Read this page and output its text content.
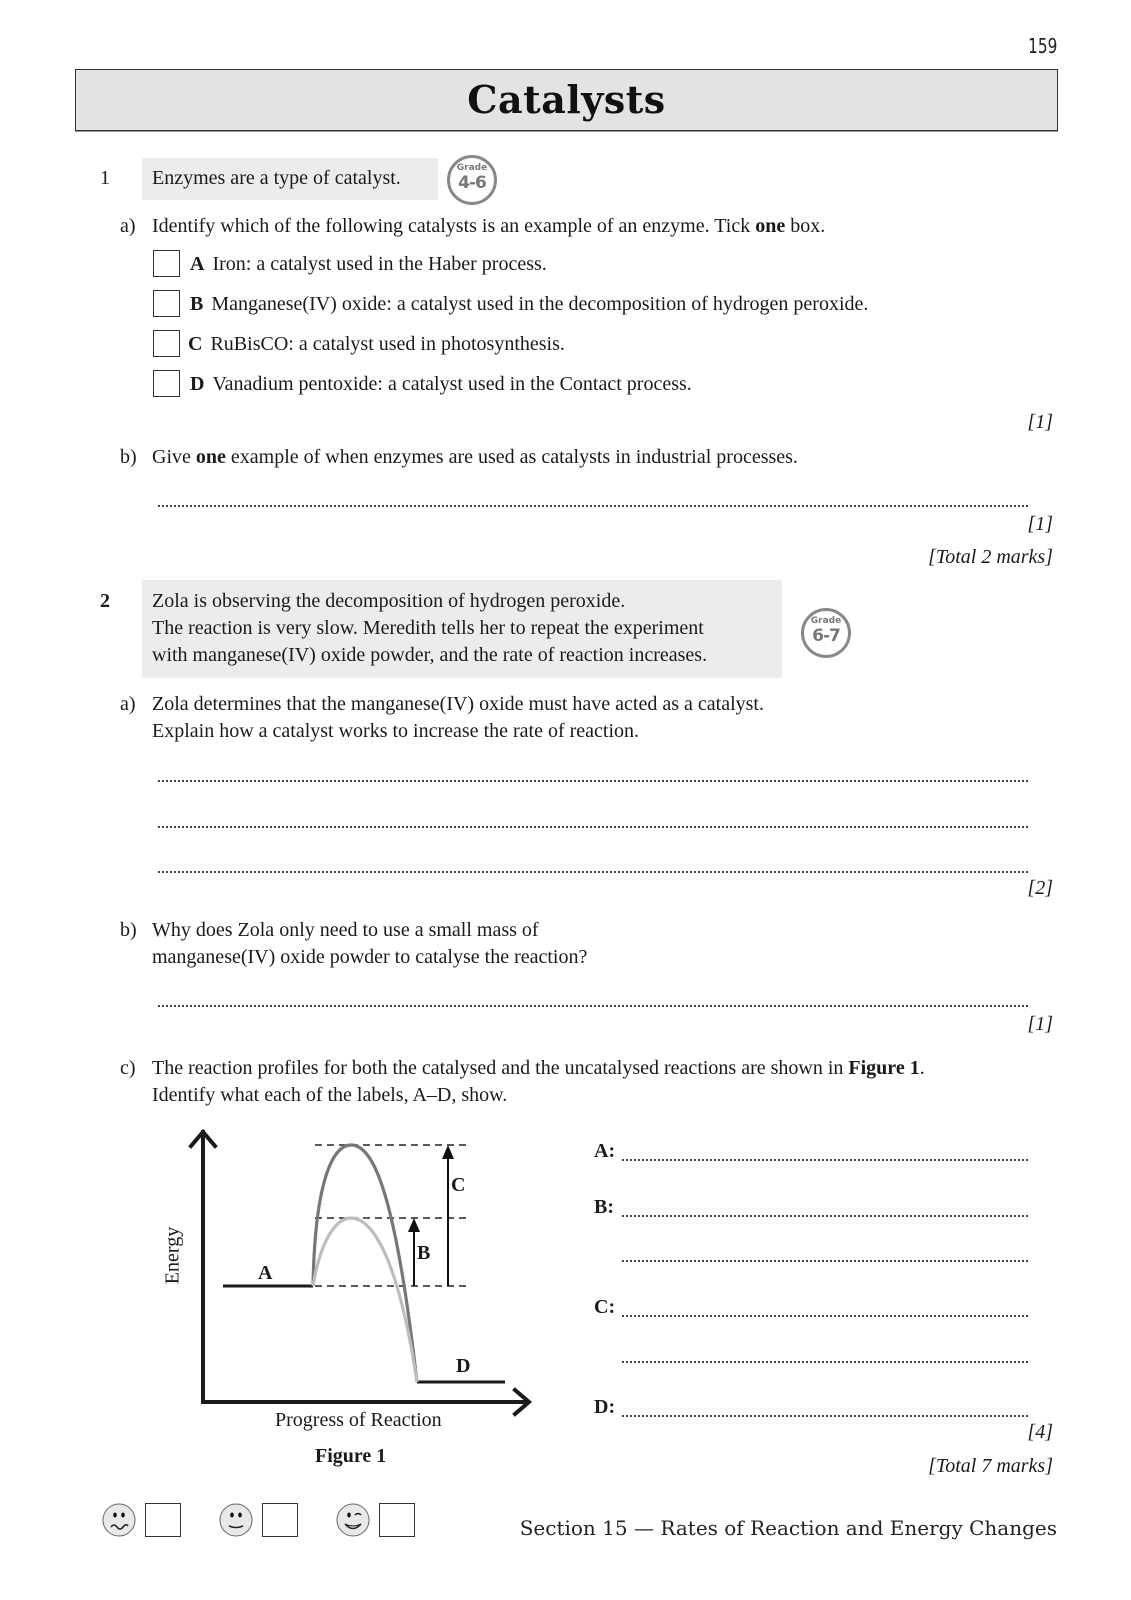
159
Catalysts
1	Enzymes are a type of catalyst.	Grade
4-6
a) Identify which of the following catalysts is an example of an enzyme. Tick one box.
A Iron: a catalyst used in the Haber process.
B Manganese(IV) oxide: a catalyst used in the decomposition of hydrogen peroxide.
C RuBisCO: a catalyst used in photosynthesis.
D Vanadium pentoxide: a catalyst used in the Contact process.
[1]
b) Give one example of when enzymes are used as catalysts in industrial processes.
[1]
[Total 2 marks]
2 Zola is observing the decomposition of hydrogen peroxide.
The reaction is very slow. Meredith tells her to repeat the experiment
with manganese(IV) oxide powder, and the rate of reaction increases.
Grade
6-7
a) Zola determines that the manganese(IV) oxide must have acted as a catalyst.
Explain how a catalyst works to increase the rate of reaction.
[2]
b) Why does Zola only need to use a small mass of
manganese(IV) oxide powder to catalyse the reaction?
[1]
c) The reaction profiles for both the catalysed and the uncatalysed reactions are shown in Figure 1.
Identify what each of the labels, A–D, show.
A
B
C
D
Energy
Progress of Reaction
Figure 1
A:
B:
C:
D:
[4]
[Total 7 marks]
Section 15 — Rates of Reaction and Energy Changes
